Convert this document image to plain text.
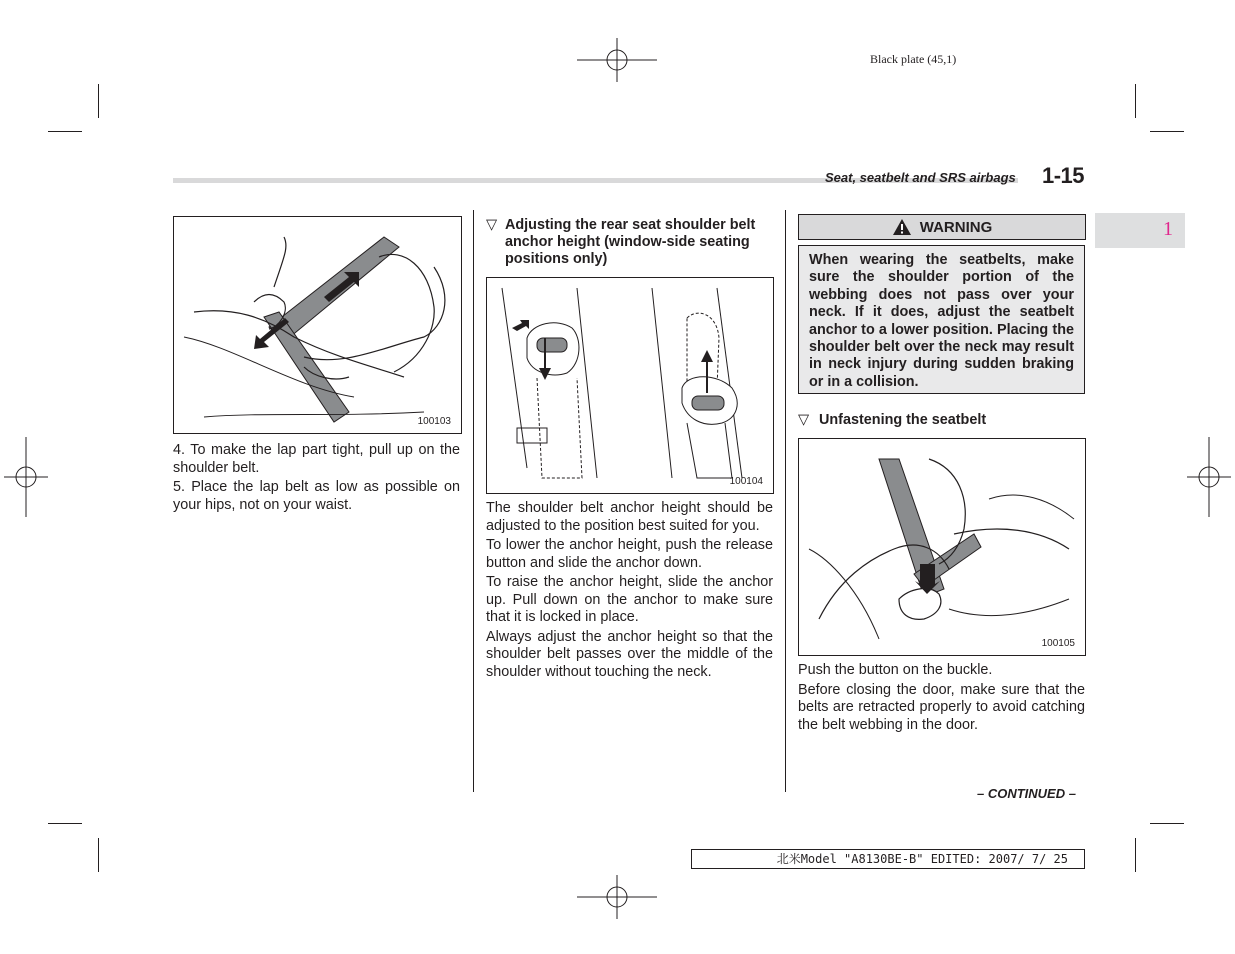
Black plate (45,1)
Seat, seatbelt and SRS airbags 1-15
1
100103

4. To make the lap part tight, pull up on the shoulder belt.

5. Place the lap belt as low as possible on your hips, not on your waist.

▽ Adjusting the rear seat shoulder belt anchor height (window-side seating positions only)
100104

The shoulder belt anchor height should be adjusted to the position best suited for you.

To lower the anchor height, push the release button and slide the anchor down.

To raise the anchor height, slide the anchor up. Pull down on the anchor to make sure that it is locked in place.

Always adjust the anchor height so that the shoulder belt passes over the middle of the shoulder without touching the neck.

WARNING
When wearing the seatbelts, make sure the shoulder portion of the webbing does not pass over your neck. If it does, adjust the seatbelt anchor to a lower position. Placing the shoulder belt over the neck may result in neck injury during sudden braking or in a collision.
▽ Unfastening the seatbelt
100105

Push the button on the buckle.

Before closing the door, make sure that the belts are retracted properly to avoid catching the belt webbing in the door.

– CONTINUED –
北米Model "A8130BE-B" EDITED: 2007/ 7/ 25
